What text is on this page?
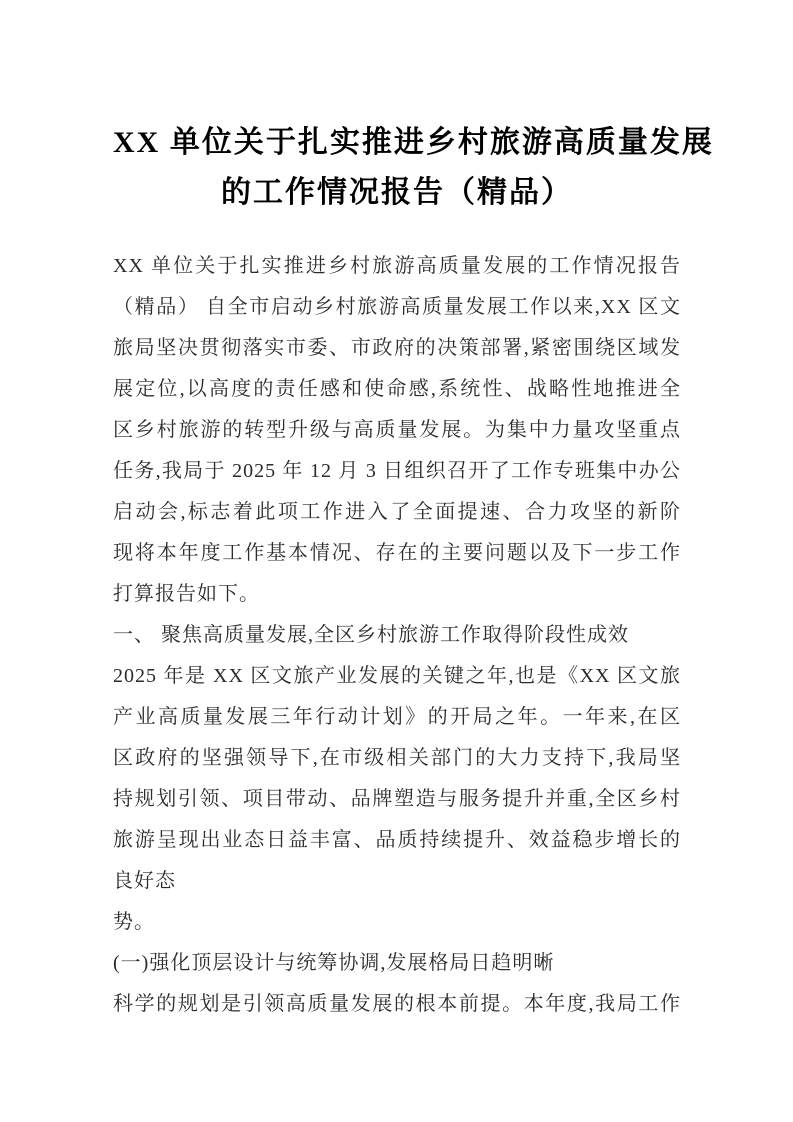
XX 单位关于扎实推进乡村旅游高质量发展
的工作情况报告（精品）

XX 单位关于扎实推进乡村旅游高质量发展的工作情况报告

（精品） 自全市启动乡村旅游高质量发展工作以来,XX 区文

旅局坚决贯彻落实市委、市政府的决策部署,紧密围绕区域发

展定位,以高度的责任感和使命感,系统性、战略性地推进全

区乡村旅游的转型升级与高质量发展。为集中力量攻坚重点

任务,我局于 2025 年 12 月 3 日组织召开了工作专班集中办公

启动会,标志着此项工作进入了全面提速、合力攻坚的新阶

现将本年度工作基本情况、存在的主要问题以及下一步工作

打算报告如下。

一、 聚焦高质量发展,全区乡村旅游工作取得阶段性成效

2025 年是 XX 区文旅产业发展的关键之年,也是《XX 区文旅

产业高质量发展三年行动计划》的开局之年。一年来,在区

区政府的坚强领导下,在市级相关部门的大力支持下,我局坚

持规划引领、项目带动、品牌塑造与服务提升并重,全区乡村

旅游呈现出业态日益丰富、品质持续提升、效益稳步增长的

良好态

势。

(一)强化顶层设计与统筹协调,发展格局日趋明晰

科学的规划是引领高质量发展的根本前提。本年度,我局工作
